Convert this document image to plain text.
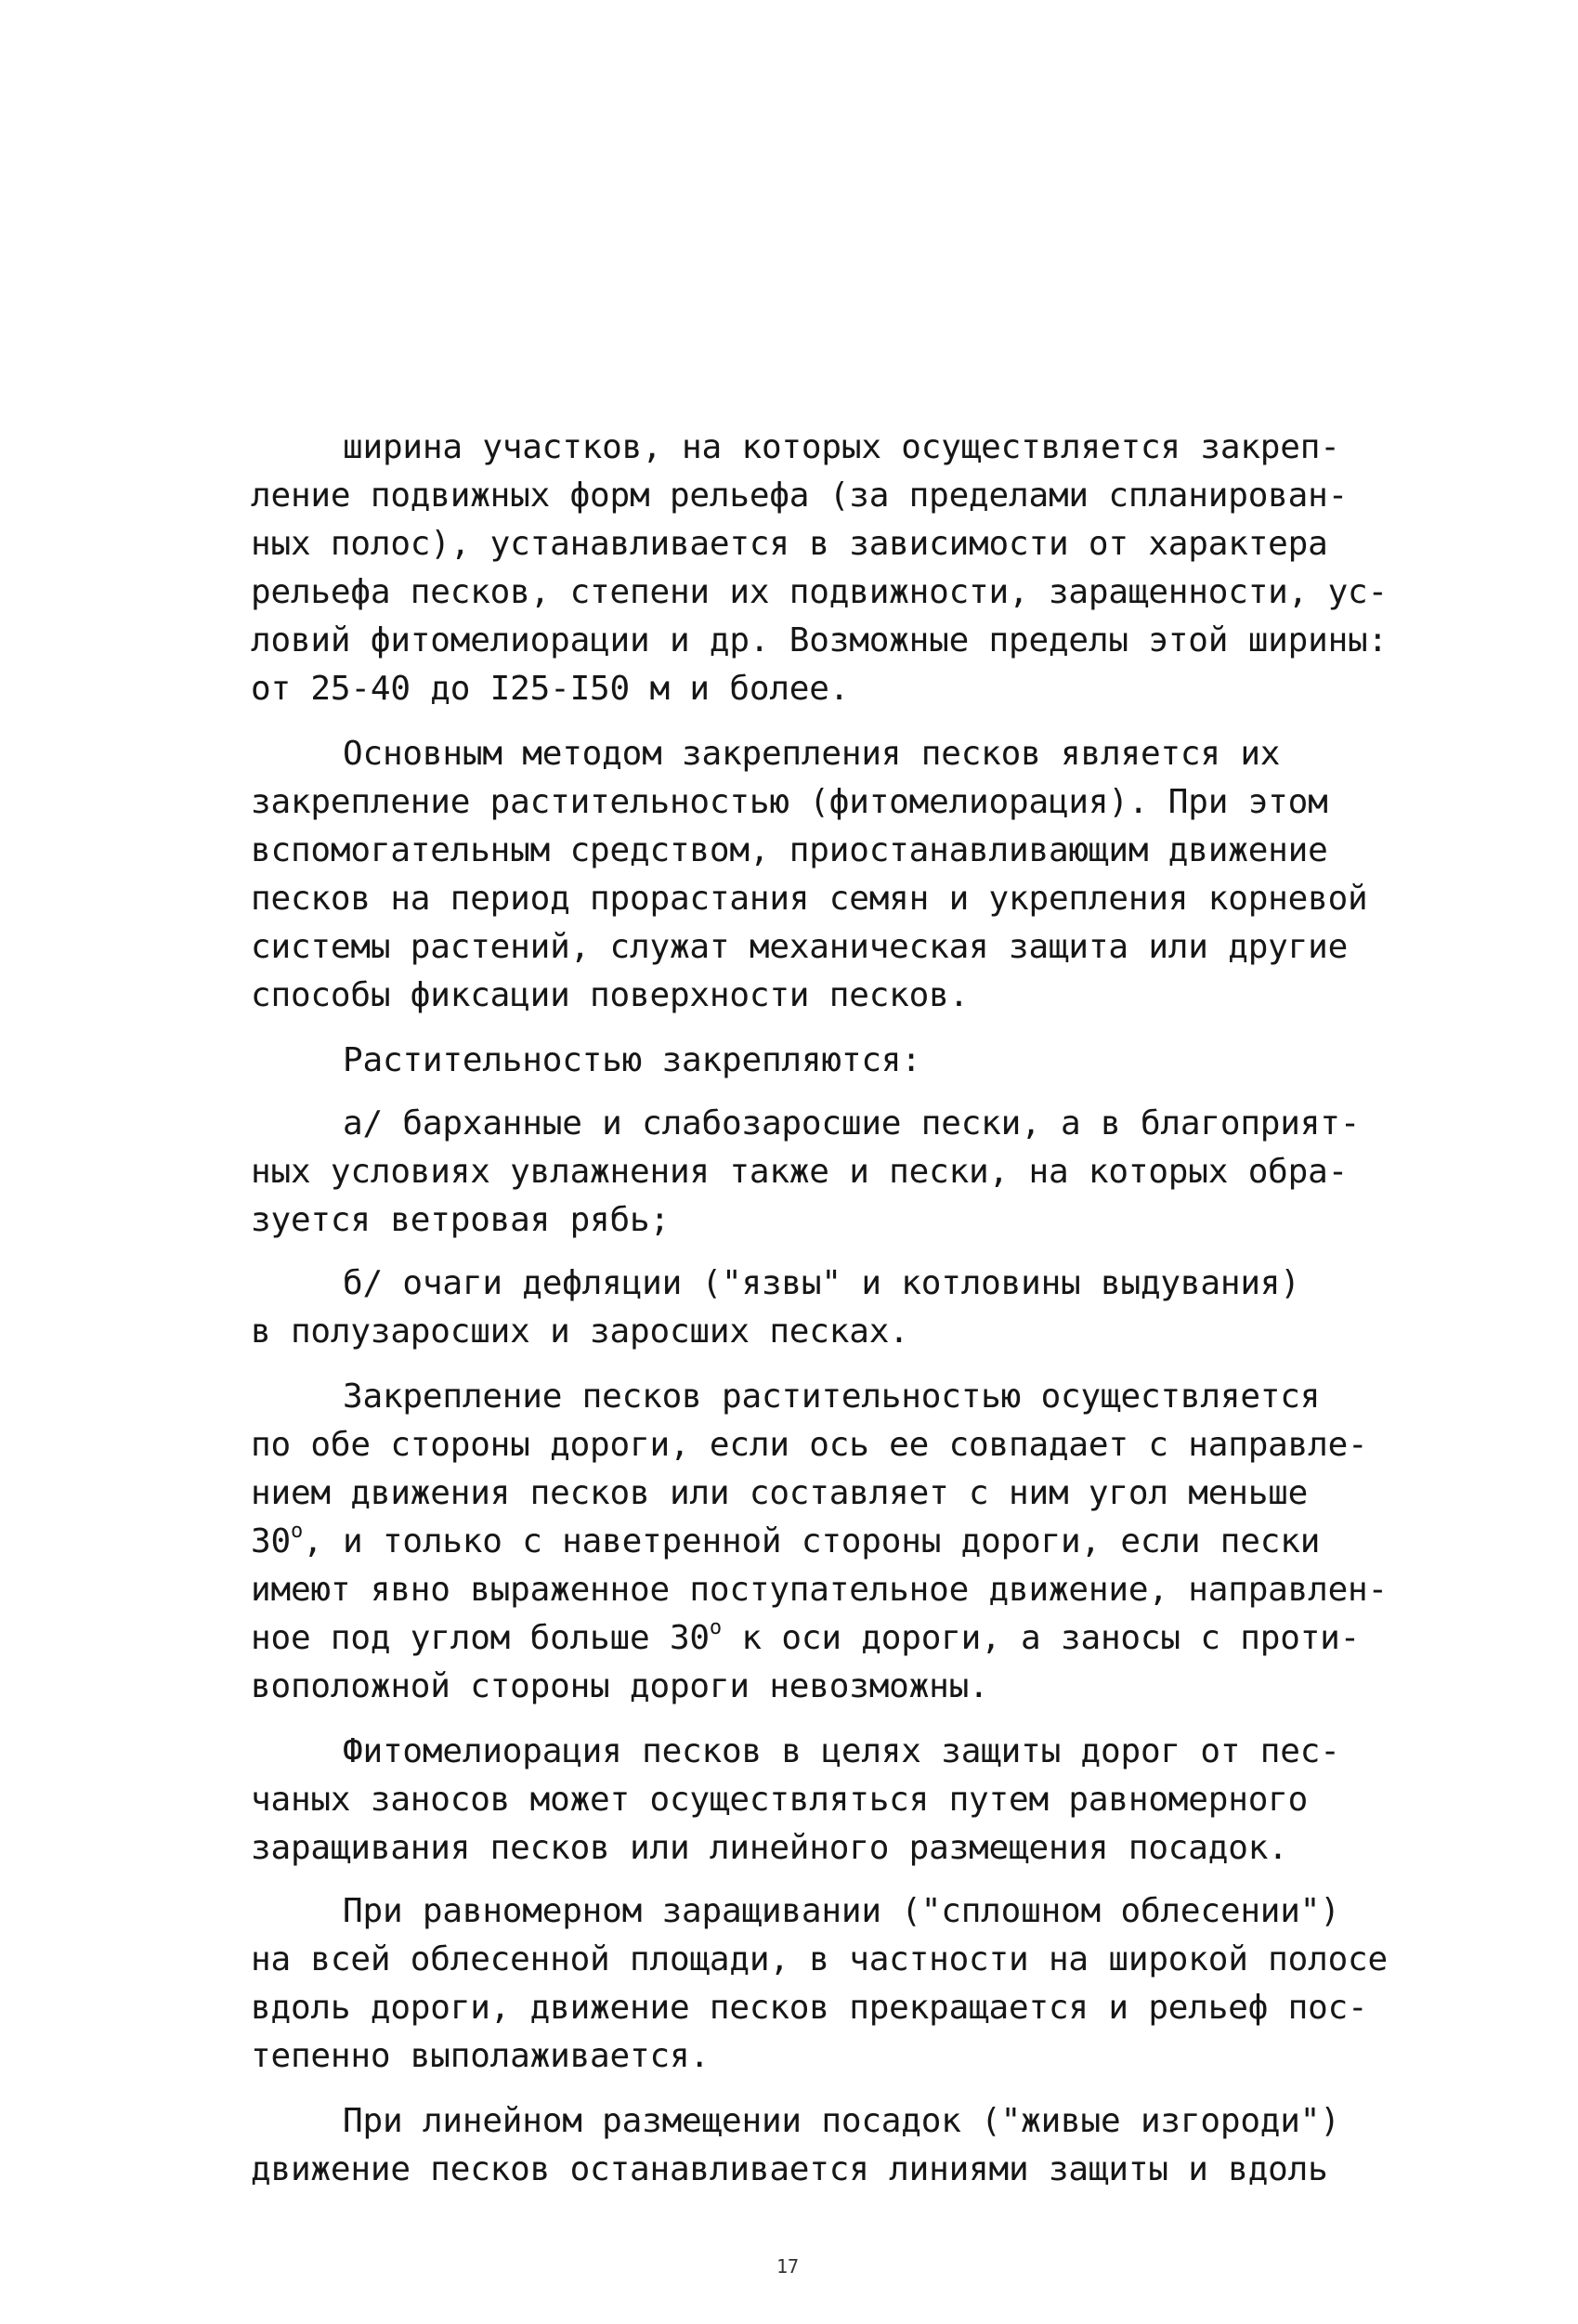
ширина участков, на которых осуществляется закреп-
ление подвижных форм рельефа (за пределами спланирован-
ных полос), устанавливается в зависимости от характера
рельефа песков, степени их подвижности, заращенности, ус-
ловий фитомелиорации и др. Возможные пределы этой ширины:
от 25-40 до I25-I50 м и более.
Основным методом закрепления песков является их
закрепление растительностью (фитомелиорация). При этом
вспомогательным средством, приостанавливающим движение
песков на период прорастания семян и укрепления корневой
системы растений, служат механическая защита или другие
способы фиксации поверхности песков.
Растительностью закрепляются:
а/ барханные и слабозаросшие пески, а в благоприят-
ных условиях увлажнения также и пески, на которых обра-
зуется ветровая рябь;
б/ очаги дефляции ("язвы" и котловины выдувания)
в полузаросших и заросших песках.
Закрепление песков растительностью осуществляется
по обе стороны дороги, если ось ее совпадает с направле-
нием движения песков или составляет с ним угол меньше
$30^о$, и только с наветренной стороны дороги, если пески
имеют явно выраженное поступательное движение, направлен-
ное под углом больше $30^о$ к оси дороги, а заносы с проти-
воположной стороны дороги невозможны.
Фитомелиорация песков в целях защиты дорог от пес-
чаных заносов может осуществляться путем равномерного
заращивания песков или линейного размещения посадок.
При равномерном заращивании ("сплошном облесении")
на всей облесенной площади, в частности на широкой полосе
вдоль дороги, движение песков прекращается и рельеф пос-
тепенно выполаживается.
При линейном размещении посадок ("живые изгороди")
движение песков останавливается линиями защиты и вдоль
17
